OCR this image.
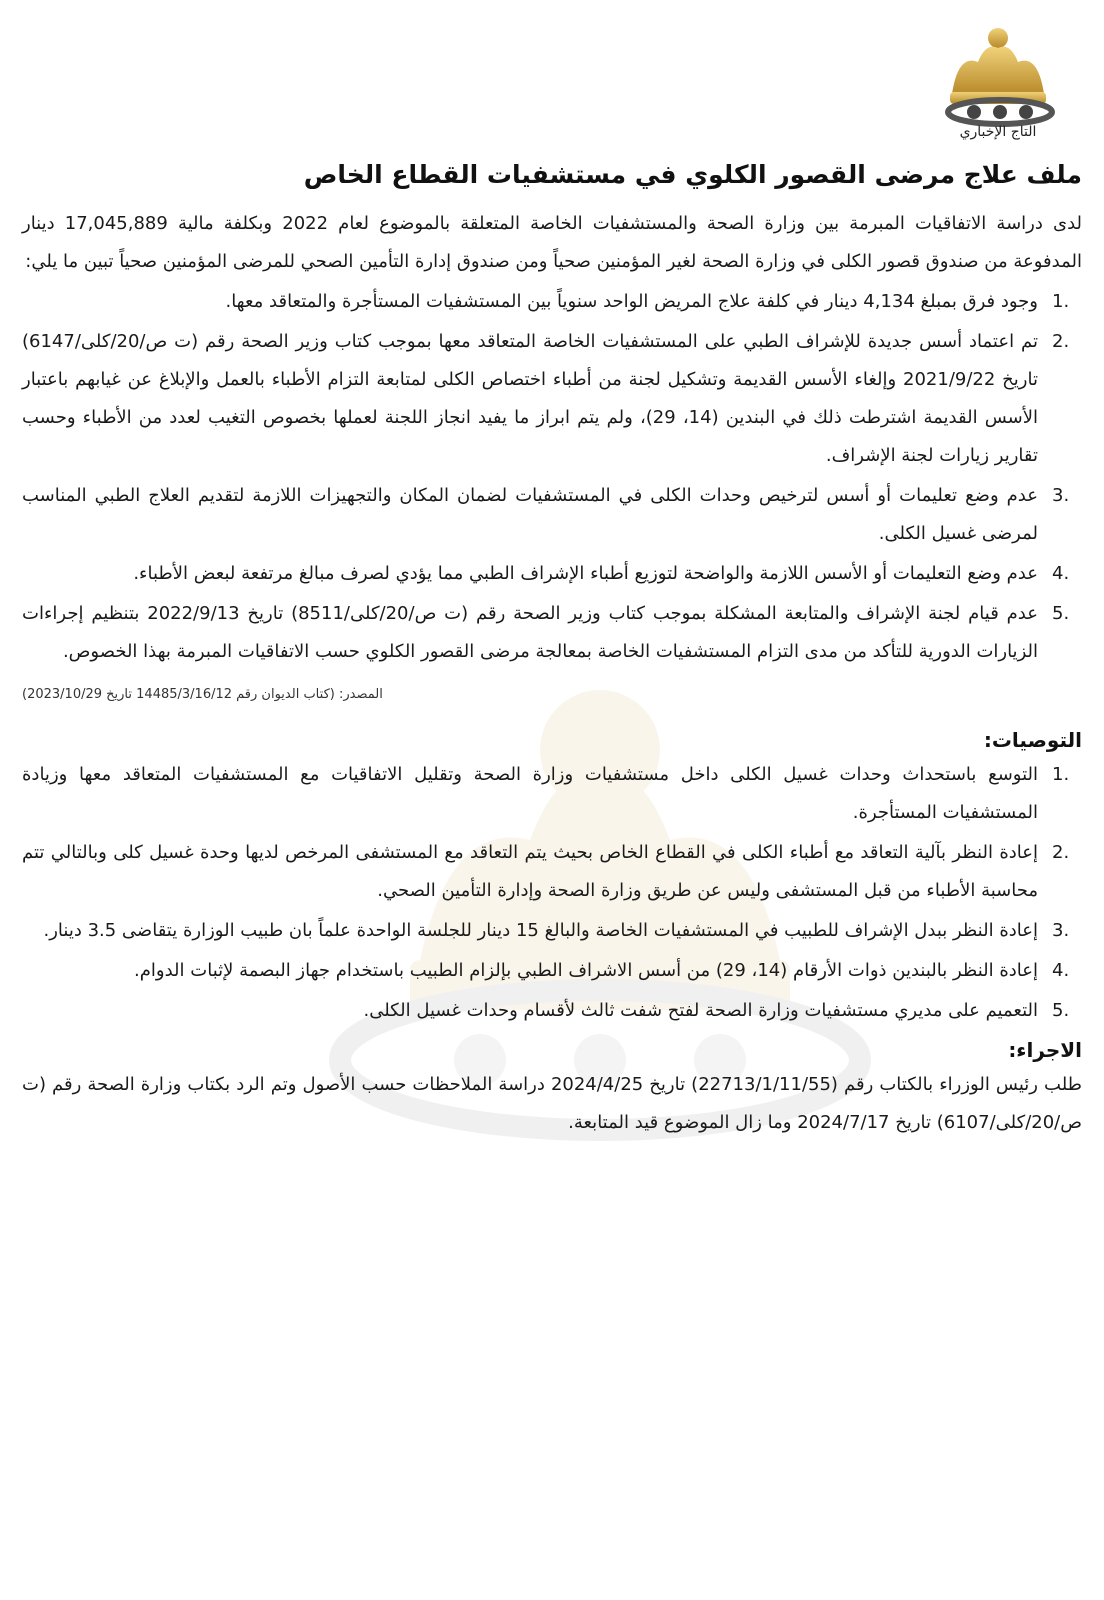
التاج الإخباري
ملف علاج مرضى القصور الكلوي في مستشفيات القطاع الخاص

لدى دراسة الاتفاقيات المبرمة بين وزارة الصحة والمستشفيات الخاصة المتعلقة بالموضوع لعام 2022 وبكلفة مالية 17,045,889 دينار المدفوعة من صندوق قصور الكلى في وزارة الصحة لغير المؤمنين صحياً ومن صندوق إدارة التأمين الصحي للمرضى المؤمنين صحياً تبين ما يلي:

1.
وجود فرق بمبلغ 4,134 دينار في كلفة علاج المريض الواحد سنوياً بين المستشفيات المستأجرة والمتعاقد معها.
2.
تم اعتماد أسس جديدة للإشراف الطبي على المستشفيات الخاصة المتعاقد معها بموجب كتاب وزير الصحة رقم (ت ص/20/كلى/6147) تاريخ 2021/9/22 وإلغاء الأسس القديمة وتشكيل لجنة من أطباء اختصاص الكلى لمتابعة التزام الأطباء بالعمل والإبلاغ عن غيابهم باعتبار الأسس القديمة اشترطت ذلك في البندين (14، 29)، ولم يتم ابراز ما يفيد انجاز اللجنة لعملها بخصوص التغيب لعدد من الأطباء وحسب تقارير زيارات لجنة الإشراف.
3.
عدم وضع تعليمات أو أسس لترخيص وحدات الكلى في المستشفيات لضمان المكان والتجهيزات اللازمة لتقديم العلاج الطبي المناسب لمرضى غسيل الكلى.
4.
عدم وضع التعليمات أو الأسس اللازمة والواضحة لتوزيع أطباء الإشراف الطبي مما يؤدي لصرف مبالغ مرتفعة لبعض الأطباء.
5.
عدم قيام لجنة الإشراف والمتابعة المشكلة بموجب كتاب وزير الصحة رقم (ت ص/20/كلى/8511) تاريخ 2022/9/13 بتنظيم إجراءات الزيارات الدورية للتأكد من مدى التزام المستشفيات الخاصة بمعالجة مرضى القصور الكلوي حسب الاتفاقيات المبرمة بهذا الخصوص.
المصدر: (كتاب الديوان رقم 14485/3/16/12 تاريخ 2023/10/29)
التوصيات:
1.
التوسع باستحداث وحدات غسيل الكلى داخل مستشفيات وزارة الصحة وتقليل الاتفاقيات مع المستشفيات المتعاقد معها وزيادة المستشفيات المستأجرة.
2.
إعادة النظر بآلية التعاقد مع أطباء الكلى في القطاع الخاص بحيث يتم التعاقد مع المستشفى المرخص لديها وحدة غسيل كلى وبالتالي تتم محاسبة الأطباء من قبل المستشفى وليس عن طريق وزارة الصحة وإدارة التأمين الصحي.
3.
إعادة النظر ببدل الإشراف للطبيب في المستشفيات الخاصة والبالغ 15 دينار للجلسة الواحدة علماً بان طبيب الوزارة يتقاضى 3.5 دينار.
4.
إعادة النظر بالبندين ذوات الأرقام (14، 29) من أسس الاشراف الطبي بإلزام الطبيب باستخدام جهاز البصمة لإثبات الدوام.
5.
التعميم على مديري مستشفيات وزارة الصحة لفتح شفت ثالث لأقسام وحدات غسيل الكلى.
الاجراء:

طلب رئيس الوزراء بالكتاب رقم (22713/1/11/55) تاريخ 2024/4/25 دراسة الملاحظات حسب الأصول وتم الرد بكتاب وزارة الصحة رقم (ت ص/20/كلى/6107) تاريخ 2024/7/17 وما زال الموضوع قيد المتابعة.
